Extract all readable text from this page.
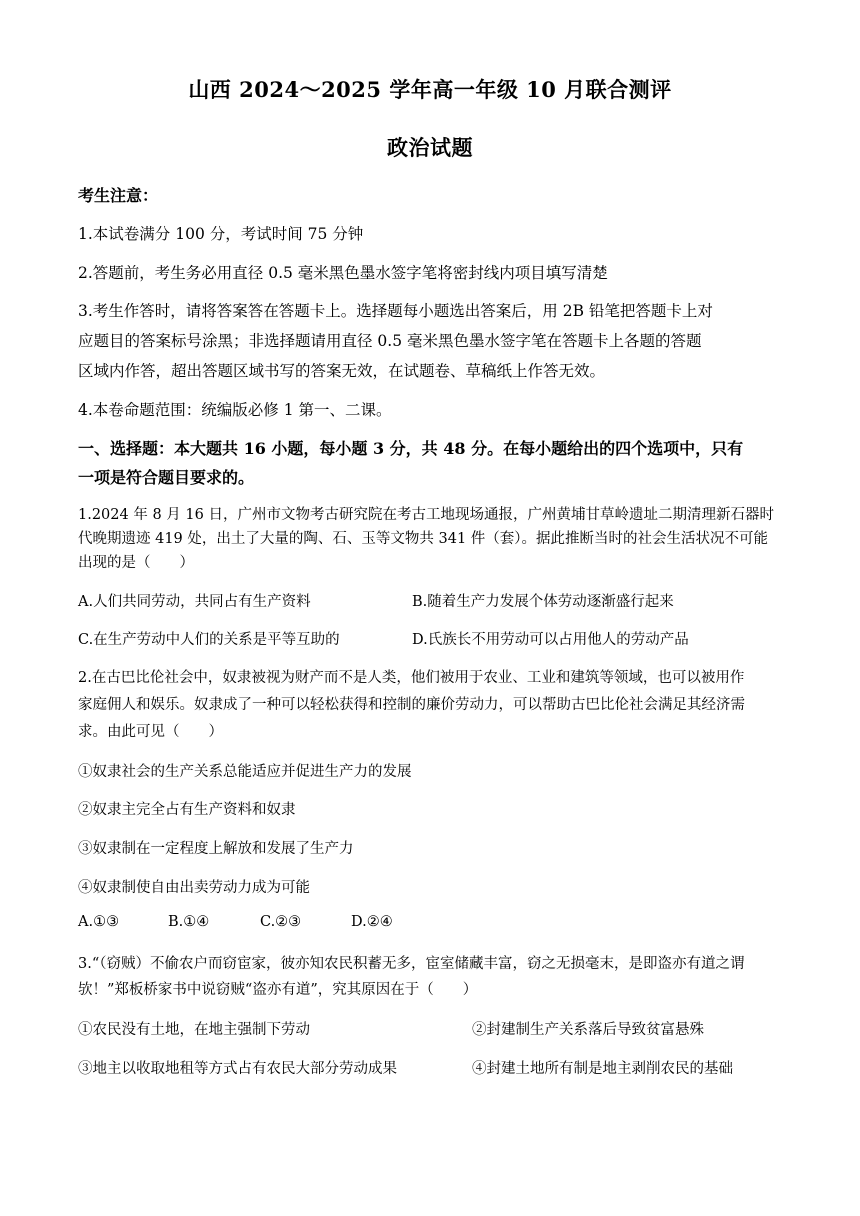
山西 2024～2025 学年高一年级 10 月联合测评
政治试题
考生注意：
1.本试卷满分 100 分，考试时间 75 分钟
2.答题前，考生务必用直径 0.5 毫米黑色墨水签字笔将密封线内项目填写清楚
3.考生作答时，请将答案答在答题卡上。选择题每小题选出答案后，用 2B 铅笔把答题卡上对
应题目的答案标号涂黑；非选择题请用直径 0.5 毫米黑色墨水签字笔在答题卡上各题的答题
区域内作答，超出答题区域书写的答案无效，在试题卷、草稿纸上作答无效。
4.本卷命题范围：统编版必修 1 第一、二课。
一、选择题：本大题共 16 小题，每小题 3 分，共 48 分。在每小题给出的四个选项中，只有
一项是符合题目要求的。
1.2024 年 8 月 16 日，广州市文物考古研究院在考古工地现场通报，广州黄埔甘草岭遗址二期清理新石器时
代晚期遗迹 419 处，出土了大量的陶、石、玉等文物共 341 件（套）。据此推断当时的社会生活状况不可能
出现的是（　　）
A.人们共同劳动，共同占有生产资料	B.随着生产力发展个体劳动逐渐盛行起来
C.在生产劳动中人们的关系是平等互助的	D.氏族长不用劳动可以占用他人的劳动产品
2.在古巴比伦社会中，奴隶被视为财产而不是人类，他们被用于农业、工业和建筑等领域，也可以被用作
家庭佣人和娱乐。奴隶成了一种可以轻松获得和控制的廉价劳动力，可以帮助古巴比伦社会满足其经济需
求。由此可见（　　）
①奴隶社会的生产关系总能适应并促进生产力的发展
②奴隶主完全占有生产资料和奴隶
③奴隶制在一定程度上解放和发展了生产力
④奴隶制使自由出卖劳动力成为可能
A.①③	B.①④	C.②③	D.②④
3.“（窃贼）不偷农户而窃宦家，彼亦知农民积蓄无多，宦室储藏丰富，窃之无损毫末，是即盗亦有道之谓
欤！”郑板桥家书中说窃贼“盗亦有道”，究其原因在于（　　）
①农民没有土地，在地主强制下劳动	②封建制生产关系落后导致贫富悬殊
③地主以收取地租等方式占有农民大部分劳动成果	④封建土地所有制是地主剥削农民的基础
